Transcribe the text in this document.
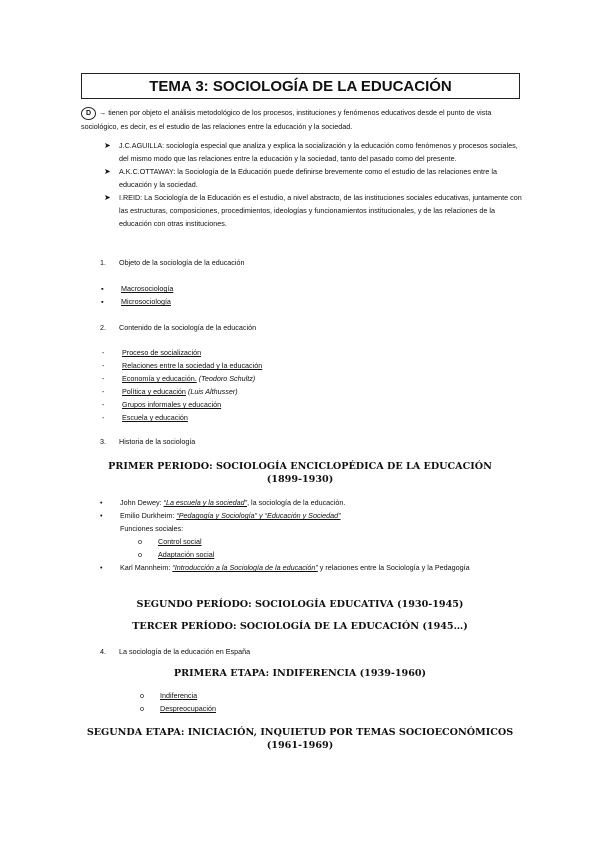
TEMA 3: SOCIOLOGÍA DE LA EDUCACIÓN
D → tienen por objeto el análisis metodológico de los procesos, instituciones y fenómenos educativos desde el punto de vista sociológico, es decir, es el estudio de las relaciones entre la educación y la sociedad.
➤ J.C.AGUILLA: sociología especial que analiza y explica la socialización y la educación como fenómenos y procesos sociales, del mismo modo que las relaciones entre la educación y la sociedad, tanto del pasado como del presente.
➤ A.K.C.OTTAWAY: la Sociología de la Educación puede definirse brevemente como el estudio de las relaciones entre la educación y la sociedad.
➤ I.REID: La Sociología de la Educación es el estudio, a nivel abstracto, de las instituciones sociales educativas, juntamente con las estructuras, composiciones, procedimientos, ideologías y funcionamientos institucionales, y de las relaciones de la educación con otras instituciones.
1. Objeto de la sociología de la educación
▪ Macrosociología
▪ Microsociología
2. Contenido de la sociología de la educación
- Proceso de socialización
- Relaciones entre la sociedad y la educación
- Economía y educación. (Teodoro Schultz)
- Política y educación (Luis Althusser)
- Grupos informales y educación
- Escuela y educación
3. Historia de la sociología
PRIMER PERIODO: SOCIOLOGÍA ENCICLOPÉDICA DE LA EDUCACIÓN
(1899-1930)
• John Dewey: “La escuela y la sociedad”, la sociología de la educación.
• Emilio Durkheim: “Pedagogía y Sociología” y “Educación y Sociedad”
Funciones sociales:
o Control social
o Adaptación social
• Karl Mannheim: “Introducción a la Sociología de la educación” y relaciones entre la Sociología y la Pedagogía
SEGUNDO PERÍODO: SOCIOLOGÍA EDUCATIVA (1930-1945)
TERCER PERÍODO: SOCIOLOGÍA DE LA EDUCACIÓN (1945…)
4. La sociología de la educación en España
PRIMERA ETAPA: INDIFERENCIA (1939-1960)
o Indiferencia
o Despreocupación
SEGUNDA ETAPA: INICIACIÓN, INQUIETUD POR TEMAS SOCIOECONÓMICOS
(1961-1969)
